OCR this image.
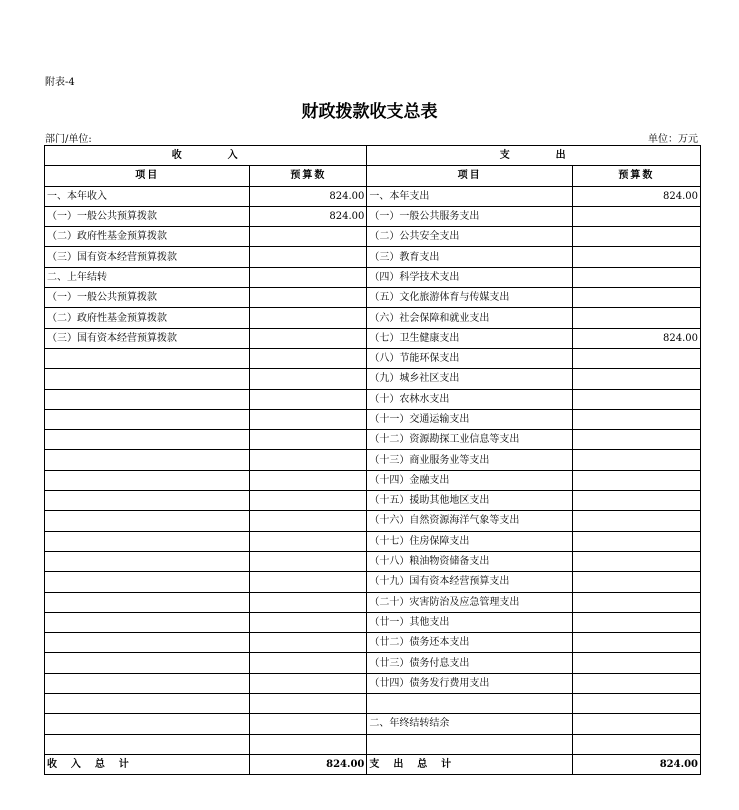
附表-4
财政拨款收支总表
部门/单位:	单位：万元
收        入		支        出	
项目	预算数	项目	预算数
一、本年收入	824.00	一、本年支出	824.00
（一）一般公共预算拨款	824.00	（一）一般公共服务支出	
（二）政府性基金预算拨款		（二）公共安全支出	
（三）国有资本经营预算拨款		（三）教育支出	
二、上年结转		（四）科学技术支出	
（一）一般公共预算拨款		（五）文化旅游体育与传媒支出	
（二）政府性基金预算拨款		（六）社会保障和就业支出	
（三）国有资本经营预算拨款		（七）卫生健康支出	824.00
		（八）节能环保支出	
		（九）城乡社区支出	
		（十）农林水支出	
		（十一）交通运输支出	
		（十二）资源勘探工业信息等支出	
		（十三）商业服务业等支出	
		（十四）金融支出	
		（十五）援助其他地区支出	
		（十六）自然资源海洋气象等支出	
		（十七）住房保障支出	
		（十八）粮油物资储备支出	
		（十九）国有资本经营预算支出	
		（二十）灾害防治及应急管理支出	
		（廿一）其他支出	
		（廿二）债务还本支出	
		（廿三）债务付息支出	
		（廿四）债务发行费用支出	

		二、年终结转结余	

收    入    总    计	824.00	支    出    总    计	824.00
